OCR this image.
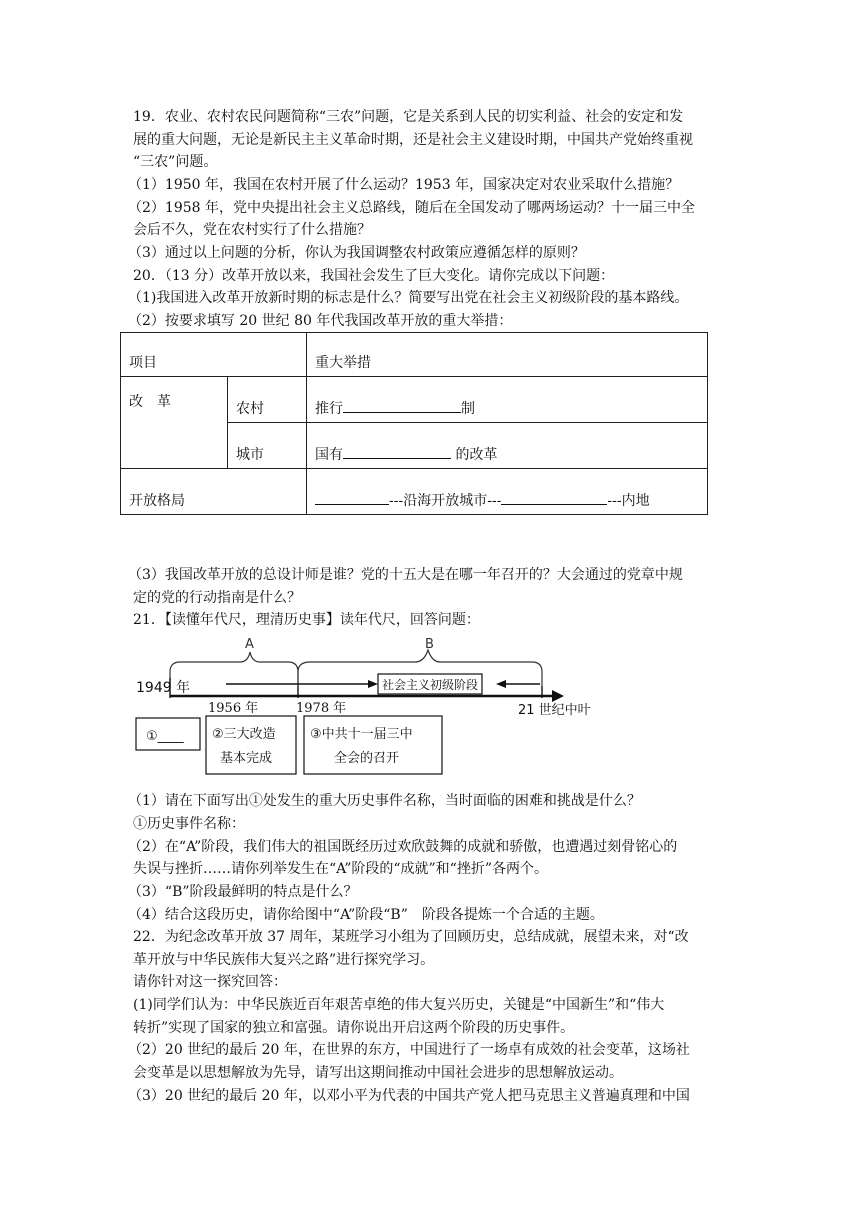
19．农业、农村农民问题简称“三农”问题，它是关系到人民的切实利益、社会的安定和发
展的重大问题，无论是新民主主义革命时期，还是社会主义建设时期，中国共产党始终重视
“三农”问题。
（1）1950 年，我国在农村开展了什么运动？1953 年，国家决定对农业采取什么措施？
（2）1958 年，党中央提出社会主义总路线，随后在全国发动了哪两场运动？十一届三中全
会后不久，党在农村实行了什么措施？
（3）通过以上问题的分析，你认为我国调整农村政策应遵循怎样的原则？
20．（13 分）改革开放以来，我国社会发生了巨大变化。请你完成以下问题：
（1)我国进入改革开放新时期的标志是什么？简要写出党在社会主义初级阶段的基本路线。
（2）按要求填写 20 世纪 80 年代我国改革开放的重大举措：
项目		重大举措
改　革	农村	推行 制
	城市	国有 的改革
开放格局		---沿海开放城市--- ---内地
（3）我国改革开放的总设计师是谁？党的十五大是在哪一年召开的？大会通过的党章中规
定的党的行动指南是什么？
21．【读懂年代尺，理清历史事】读年代尺，回答问题：
A	B
社会主义初级阶段
1949 年
1956 年	1978 年	21 世纪中叶
①____ ②三大改造
基本完成
③中共十一届三中
全会的召开
（1）请在下面写出①处发生的重大历史事件名称，当时面临的困难和挑战是什么？
①历史事件名称：
（2）在“A”阶段，我们伟大的祖国既经历过欢欣鼓舞的成就和骄傲，也遭遇过刻骨铭心的
失误与挫折……请你列举发生在“A”阶段的“成就”和“挫折”各两个。
（3）“B”阶段最鲜明的特点是什么？
（4）结合这段历史，请你给图中“A”阶段“B”　阶段各提炼一个合适的主题。
22．为纪念改革开放 37 周年，某班学习小组为了回顾历史，总结成就，展望未来，对“改
革开放与中华民族伟大复兴之路”进行探究学习。
请你针对这一探究回答：
(1)同学们认为：中华民族近百年艰苦卓绝的伟大复兴历史，关键是“中国新生”和“伟大
转折”实现了国家的独立和富强。请你说出开启这两个阶段的历史事件。
（2）20 世纪的最后 20 年，在世界的东方，中国进行了一场卓有成效的社会变革，这场社
会变革是以思想解放为先导，请写出这期间推动中国社会进步的思想解放运动。
（3）20 世纪的最后 20 年，以邓小平为代表的中国共产党人把马克思主义普遍真理和中国
